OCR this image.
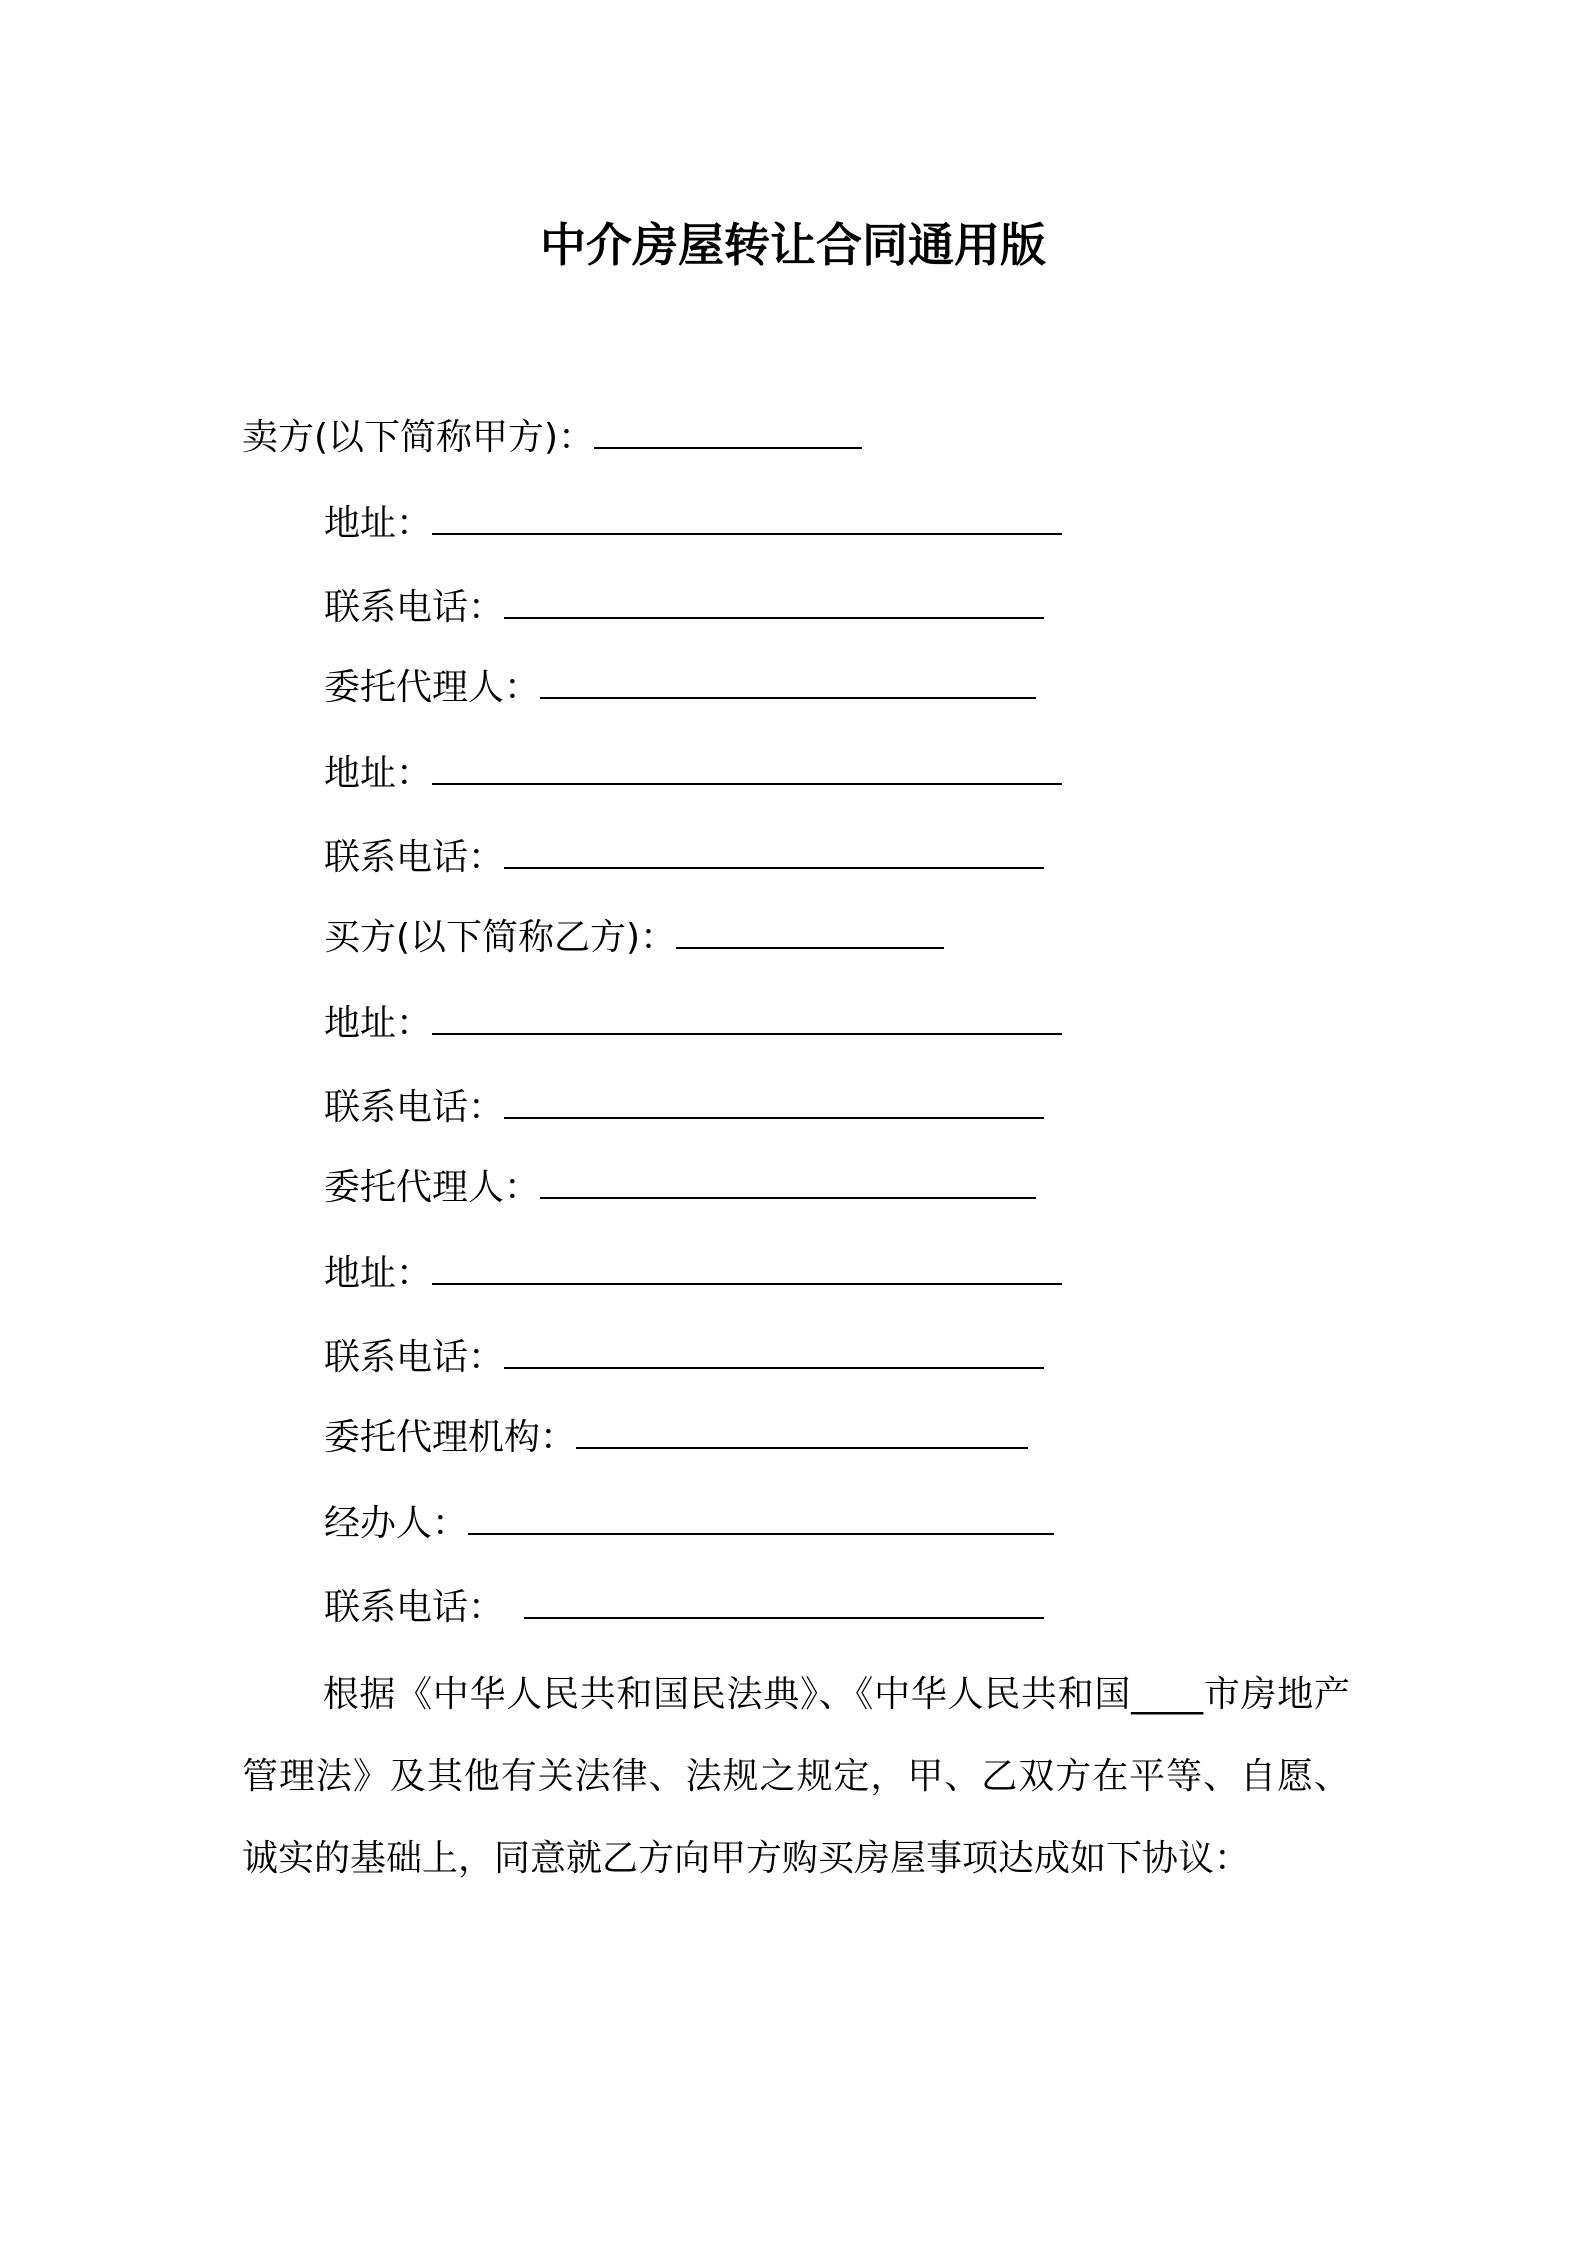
中介房屋转让合同通用版
卖方(以下简称甲方)：
地址：
联系电话：
委托代理人：
地址：
联系电话：
买方(以下简称乙方)：
地址：
联系电话：
委托代理人：
地址：
联系电话：
委托代理机构：
经办人：
联系电话：
根据《中华人民共和国民法典》、《中华人民共和国____市房地产管理法》及其他有关法律、法规之规定，甲、乙双方在平等、自愿、诚实的基础上，同意就乙方向甲方购买房屋事项达成如下协议：
